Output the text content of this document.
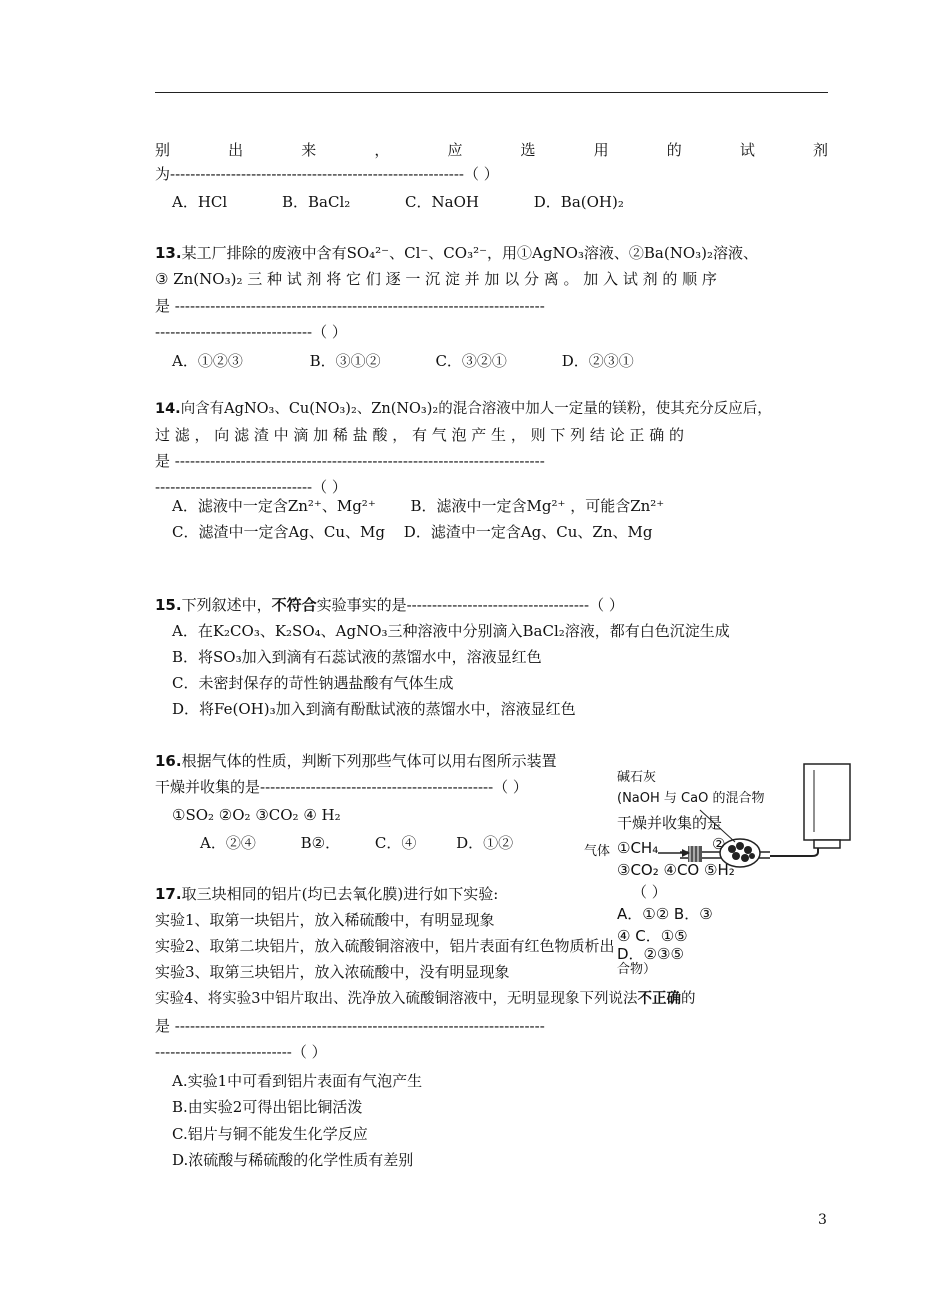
别	出	来	，	应	选	用	的	试	剂
为----------------------------------------------------------（ ）
A．HCl	B．BaCl₂	C．NaOH	D．Ba(OH)₂
13.某工厂排除的废液中含有SO₄²⁻、Cl⁻、CO₃²⁻，用①AgNO₃溶液、②Ba(NO₃)₂溶液、
③ Zn(NO₃)₂ 三 种 试 剂 将 它 们 逐 一 沉 淀 并 加 以 分 离 。 加 入 试 剂 的 顺 序
是 -------------------------------------------------------------------------
-------------------------------（ ）
A．①②③	B．③①②	C．③②①	D．②③①
14.向含有AgNO₃、Cu(NO₃)₂、Zn(NO₃)₂的混合溶液中加人一定量的镁粉，使其充分反应后，
过 滤 ， 向 滤 渣 中 滴 加 稀 盐 酸 ， 有 气 泡 产 生 ， 则 下 列 结 论 正 确 的
是 -------------------------------------------------------------------------
-------------------------------（ ）
A．滤液中一定含Zn²⁺、Mg²⁺ B．滤液中一定含Mg²⁺ ，可能含Zn²⁺
C．滤渣中一定含Ag、Cu、Mg D．滤渣中一定含Ag、Cu、Zn、Mg
15.下列叙述中，不符合实验事实的是------------------------------------（ ）
A．在K₂CO₃、K₂SO₄、AgNO₃三种溶液中分别滴入BaCl₂溶液，都有白色沉淀生成
B．将SO₃加入到滴有石蕊试液的蒸馏水中，溶液显红色
C．未密封保存的苛性钠遇盐酸有气体生成
D．将Fe(OH)₃加入到滴有酚酞试液的蒸馏水中，溶液显红色
16.根据气体的性质，判断下列那些气体可以用右图所示装置
干燥并收集的是----------------------------------------------（ ）
①SO₂ ②O₂ ③CO₂ ④ H₂
A．②④	B②． C．④	D．①②
17.取三块相同的铝片(均已去氧化膜)进行如下实验:
实验1、取第一块铝片，放入稀硫酸中，有明显现象
实验2、取第二块铝片，放入硫酸铜溶液中，铝片表面有红色物质析出
实验3、取第三块铝片，放入浓硫酸中，没有明显现象
实验4、将实验3中铝片取出、洗净放入硫酸铜溶液中，无明显现象下列说法不正确的
是 -------------------------------------------------------------------------
---------------------------（ ）
A.实验1中可看到铝片表面有气泡产生
B.由实验2可得出铝比铜活泼
C.铝片与铜不能发生化学反应
D.浓硫酸与稀硫酸的化学性质有差别
碱石灰
(NaOH 与 CaO 的混合物
干燥并收集的是
气体 ①CH₄	②
③CO₂ ④CO ⑤H₂
（ ）
A．①② B．③
④ C．①⑤
D．②③⑤
合物）
3
